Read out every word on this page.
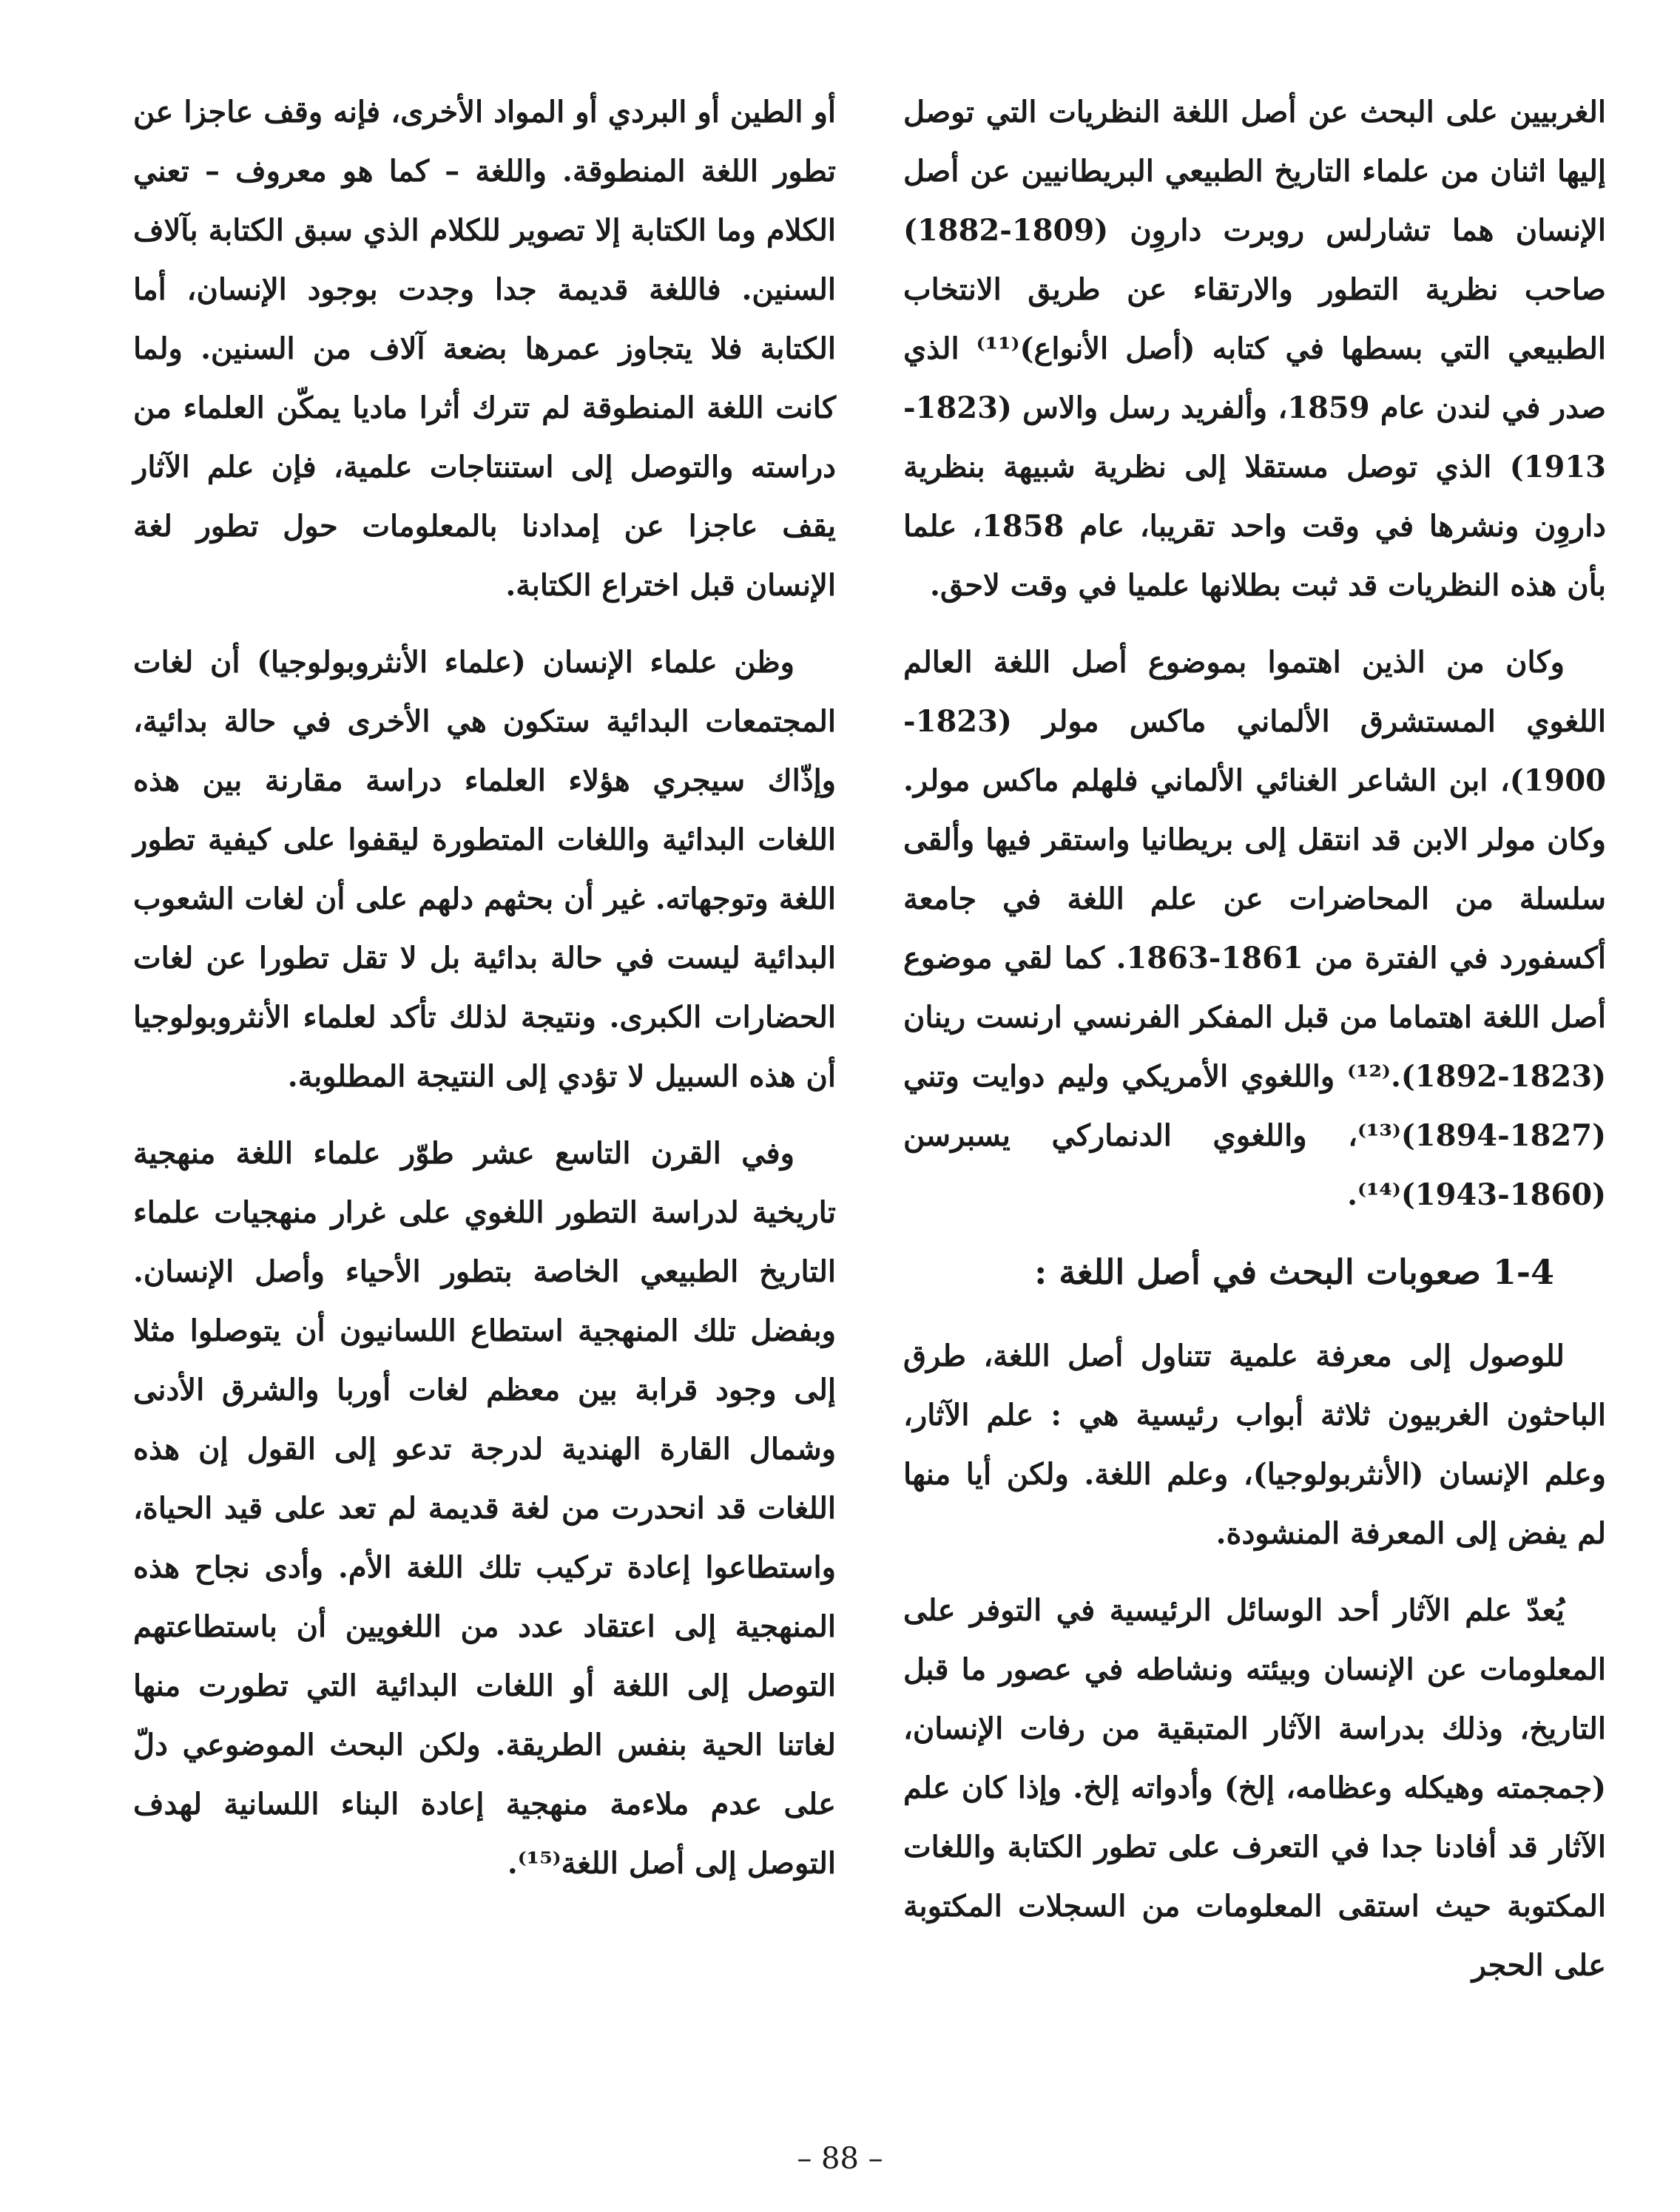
الغربيين على البحث عن أصل اللغة النظريات التي توصل إليها اثنان من علماء التاريخ الطبيعي البريطانيين عن أصل الإنسان هما تشارلس روبرت داروِن (1809-1882) صاحب نظرية التطور والارتقاء عن طريق الانتخاب الطبيعي التي بسطها في كتابه (أصل الأنواع)⁽¹¹⁾ الذي صدر في لندن عام 1859، وألفريد رسل والاس (1823-1913) الذي توصل مستقلا إلى نظرية شبيهة بنظرية داروِن ونشرها في وقت واحد تقريبا، عام 1858، علما بأن هذه النظريات قد ثبت بطلانها علميا في وقت لاحق.

وكان من الذين اهتموا بموضوع أصل اللغة العالم اللغوي المستشرق الألماني ماكس مولر (1823-1900)، ابن الشاعر الغنائي الألماني فلهلم ماكس مولر. وكان مولر الابن قد انتقل إلى بريطانيا واستقر فيها وألقى سلسلة من المحاضرات عن علم اللغة في جامعة أكسفورد في الفترة من 1861-1863. كما لقي موضوع أصل اللغة اهتماما من قبل المفكر الفرنسي ارنست رينان (1823-1892).⁽¹²⁾ واللغوي الأمريكي وليم دوايت وتني (1827-1894)⁽¹³⁾، واللغوي الدنماركي يسبرسن (1860-1943)⁽¹⁴⁾.

1-4 صعوبات البحث في أصل اللغة :

للوصول إلى معرفة علمية تتناول أصل اللغة، طرق الباحثون الغربيون ثلاثة أبواب رئيسية هي : علم الآثار، وعلم الإنسان (الأنثربولوجيا)، وعلم اللغة. ولكن أيا منها لم يفض إلى المعرفة المنشودة.

يُعدّ علم الآثار أحد الوسائل الرئيسية في التوفر على المعلومات عن الإنسان وبيئته ونشاطه في عصور ما قبل التاريخ، وذلك بدراسة الآثار المتبقية من رفات الإنسان، (جمجمته وهيكله وعظامه، إلخ) وأدواته إلخ. وإذا كان علم الآثار قد أفادنا جدا في التعرف على تطور الكتابة واللغات المكتوبة حيث استقى المعلومات من السجلات المكتوبة على الحجر

أو الطين أو البردي أو المواد الأخرى، فإنه وقف عاجزا عن تطور اللغة المنطوقة. واللغة – كما هو معروف – تعني الكلام وما الكتابة إلا تصوير للكلام الذي سبق الكتابة بآلاف السنين. فاللغة قديمة جدا وجدت بوجود الإنسان، أما الكتابة فلا يتجاوز عمرها بضعة آلاف من السنين. ولما كانت اللغة المنطوقة لم تترك أثرا ماديا يمكّن العلماء من دراسته والتوصل إلى استنتاجات علمية، فإن علم الآثار يقف عاجزا عن إمدادنا بالمعلومات حول تطور لغة الإنسان قبل اختراع الكتابة.

وظن علماء الإنسان (علماء الأنثروبولوجيا) أن لغات المجتمعات البدائية ستكون هي الأخرى في حالة بدائية، وإذّاك سيجري هؤلاء العلماء دراسة مقارنة بين هذه اللغات البدائية واللغات المتطورة ليقفوا على كيفية تطور اللغة وتوجهاته. غير أن بحثهم دلهم على أن لغات الشعوب البدائية ليست في حالة بدائية بل لا تقل تطورا عن لغات الحضارات الكبرى. ونتيجة لذلك تأكد لعلماء الأنثروبولوجيا أن هذه السبيل لا تؤدي إلى النتيجة المطلوبة.

وفي القرن التاسع عشر طوّر علماء اللغة منهجية تاريخية لدراسة التطور اللغوي على غرار منهجيات علماء التاريخ الطبيعي الخاصة بتطور الأحياء وأصل الإنسان. وبفضل تلك المنهجية استطاع اللسانيون أن يتوصلوا مثلا إلى وجود قرابة بين معظم لغات أوربا والشرق الأدنى وشمال القارة الهندية لدرجة تدعو إلى القول إن هذه اللغات قد انحدرت من لغة قديمة لم تعد على قيد الحياة، واستطاعوا إعادة تركيب تلك اللغة الأم. وأدى نجاح هذه المنهجية إلى اعتقاد عدد من اللغويين أن باستطاعتهم التوصل إلى اللغة أو اللغات البدائية التي تطورت منها لغاتنا الحية بنفس الطريقة. ولكن البحث الموضوعي دلّ على عدم ملاءمة منهجية إعادة البناء اللسانية لهدف التوصل إلى أصل اللغة⁽¹⁵⁾.

– 88 –
